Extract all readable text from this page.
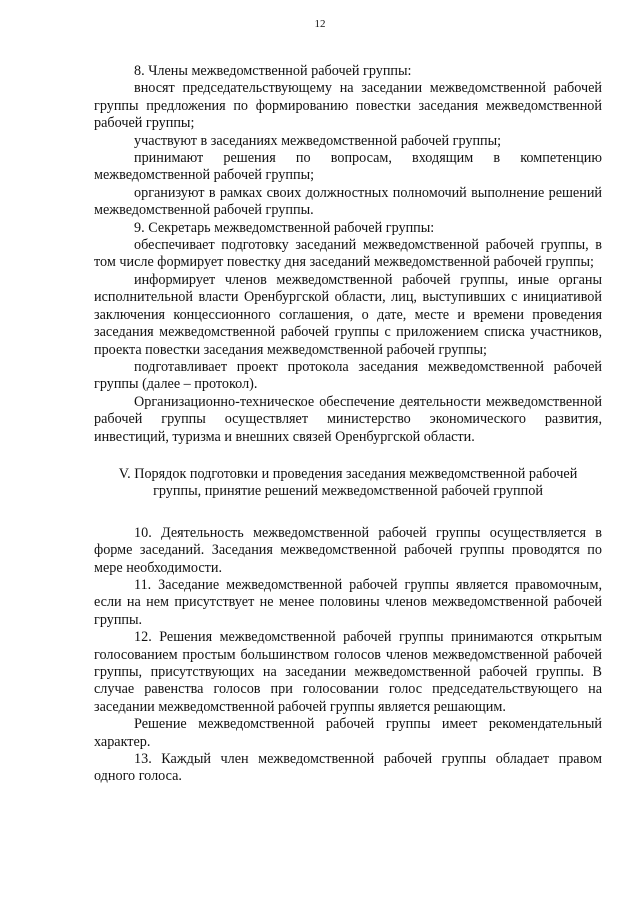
12

8. Члены межведомственной рабочей группы:

вносят председательствующему на заседании межведомственной рабочей группы предложения по формированию повестки заседания межведомственной рабочей группы;

участвуют в заседаниях межведомственной рабочей группы;

принимают решения по вопросам, входящим в компетенцию межведомственной рабочей группы;

организуют в рамках своих должностных полномочий выполнение решений межведомственной рабочей группы.

9. Секретарь межведомственной рабочей группы:

обеспечивает подготовку заседаний межведомственной рабочей группы, в том числе формирует повестку дня заседаний межведомственной рабочей группы;

информирует членов межведомственной рабочей группы, иные органы исполнительной власти Оренбургской области, лиц, выступивших с инициативой заключения концессионного соглашения, о дате, месте и времени проведения заседания межведомственной рабочей группы с приложением списка участников, проекта повестки заседания межведомственной рабочей группы;

подготавливает проект протокола заседания межведомственной рабочей группы (далее – протокол).

Организационно-техническое обеспечение деятельности межведомственной рабочей группы осуществляет министерство экономического развития, инвестиций, туризма и внешних связей Оренбургской области.

V. Порядок подготовки и проведения заседания межведомственной рабочей
группы, принятие решений межведомственной рабочей группой

10. Деятельность межведомственной рабочей группы осуществляется в форме заседаний. Заседания межведомственной рабочей группы проводятся по мере необходимости.

11. Заседание межведомственной рабочей группы является правомочным, если на нем присутствует не менее половины членов межведомственной рабочей группы.

12. Решения межведомственной рабочей группы принимаются открытым голосованием простым большинством голосов членов межведомственной рабочей группы, присутствующих на заседании межведомственной рабочей группы. В случае равенства голосов при голосовании голос председательствующего на заседании межведомственной рабочей группы является решающим.

Решение межведомственной рабочей группы имеет рекомендательный характер.

13. Каждый член межведомственной рабочей группы обладает правом одного голоса.
